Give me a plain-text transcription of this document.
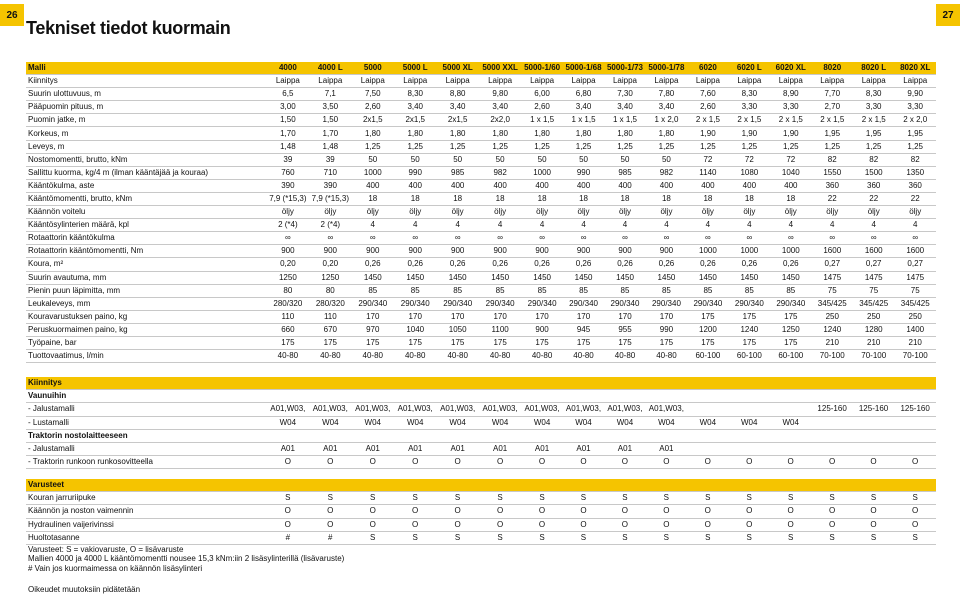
26	27
Tekniset tiedot kuormain
Malli	4000	4000 L	5000	5000 L	5000 XL	5000 XXL	5000-1/60	5000-1/68	5000-1/73	5000-1/78	6020	6020 L	6020 XL	8020	8020 L	8020 XL
Kiinnitys	Laippa	Laippa	Laippa	Laippa	Laippa	Laippa	Laippa	Laippa	Laippa	Laippa	Laippa	Laippa	Laippa	Laippa	Laippa	Laippa
Suurin ulottuvuus, m	6,5	7,1	7,50	8,30	8,80	9,80	6,00	6,80	7,30	7,80	7,60	8,30	8,90	7,70	8,30	9,90
Pääpuomin pituus, m	3,00	3,50	2,60	3,40	3,40	3,40	2,60	3,40	3,40	3,40	2,60	3,30	3,30	2,70	3,30	3,30
Puomin jatke, m	1,50	1,50	2x1,5	2x1,5	2x1,5	2x2,0	1 x 1,5	1 x 1,5	1 x 1,5	1 x 2,0	2 x 1,5	2 x 1,5	2 x 1,5	2 x 1,5	2 x 1,5	2 x 2,0
Korkeus, m	1,70	1,70	1,80	1,80	1,80	1,80	1,80	1,80	1,80	1,80	1,90	1,90	1,90	1,95	1,95	1,95
Leveys, m	1,48	1,48	1,25	1,25	1,25	1,25	1,25	1,25	1,25	1,25	1,25	1,25	1,25	1,25	1,25	1,25
Nostomomentti, brutto, kNm	39	39	50	50	50	50	50	50	50	50	72	72	72	82	82	82
Sallittu kuorma, kg/4 m (ilman kääntäjää ja kouraa)	760	710	1000	990	985	982	1000	990	985	982	1140	1080	1040	1550	1500	1350
Kääntökulma, aste	390	390	400	400	400	400	400	400	400	400	400	400	400	360	360	360
Kääntömomentti, brutto, kNm	7,9 (*15,3)	7,9 (*15,3)	18	18	18	18	18	18	18	18	18	18	18	22	22	22
Käännön voitelu	öljy	öljy	öljy	öljy	öljy	öljy	öljy	öljy	öljy	öljy	öljy	öljy	öljy	öljy	öljy	öljy
Kääntösylinterien määrä, kpl	2 (*4)	2 (*4)	4	4	4	4	4	4	4	4	4	4	4	4	4	4
Rotaattorin kääntökulma	∞	∞	∞	∞	∞	∞	∞	∞	∞	∞	∞	∞	∞	∞	∞	∞
Rotaattorin kääntömomentti, Nm	900	900	900	900	900	900	900	900	900	900	1000	1000	1000	1600	1600	1600
Koura, m²	0,20	0,20	0,26	0,26	0,26	0,26	0,26	0,26	0,26	0,26	0,26	0,26	0,26	0,27	0,27	0,27
Suurin avautuma, mm	1250	1250	1450	1450	1450	1450	1450	1450	1450	1450	1450	1450	1450	1475	1475	1475
Pienin puun läpimitta, mm	80	80	85	85	85	85	85	85	85	85	85	85	85	75	75	75
Leukaleveys, mm	280/320	280/320	290/340	290/340	290/340	290/340	290/340	290/340	290/340	290/340	290/340	290/340	290/340	345/425	345/425	345/425
Kouravarustuksen paino, kg	110	110	170	170	170	170	170	170	170	170	175	175	175	250	250	250
Peruskuormaimen paino, kg	660	670	970	1040	1050	1100	900	945	955	990	1200	1240	1250	1240	1280	1400
Työpaine, bar	175	175	175	175	175	175	175	175	175	175	175	175	175	210	210	210
Tuottovaatimus, l/min	40-80	40-80	40-80	40-80	40-80	40-80	40-80	40-80	40-80	40-80	60-100	60-100	60-100	70-100	70-100	70-100
Kiinnitys																
Vaunuihin																
- Jalustamalli	A01,W03,	A01,W03,	A01,W03,	A01,W03,	A01,W03,	A01,W03,	A01,W03,	A01,W03,	A01,W03,	A01,W03,				125-160	125-160	125-160
- Lustamalli	W04	W04	W04	W04	W04	W04	W04	W04	W04	W04	W04	W04	W04			
Traktorin nostolaitteeseen																
- Jalustamalli	A01	A01	A01	A01	A01	A01	A01	A01	A01	A01						
- Traktorin runkoon runkosovitteella	O	O	O	O	O	O	O	O	O	O	O	O	O	O	O	O
Varusteet																
Kouran jarruriipuke	S	S	S	S	S	S	S	S	S	S	S	S	S	S	S	S
Käännön ja noston vaimennin	O	O	O	O	O	O	O	O	O	O	O	O	O	O	O	O
Hydraulinen vaijerivinssi	O	O	O	O	O	O	O	O	O	O	O	O	O	O	O	O
Huoltotasanne	#	#	S	S	S	S	S	S	S	S	S	S	S	S	S	S
Varusteet: S = vakiovaruste, O = lisävaruste
Mallien 4000 ja 4000 L kääntömomentti nousee 15,3 kNm:iin 2 lisäsylinterillä (lisävaruste)
# Vain jos kuormaimessa on käännön lisäsylinteri
Oikeudet muutoksiin pidätetään
